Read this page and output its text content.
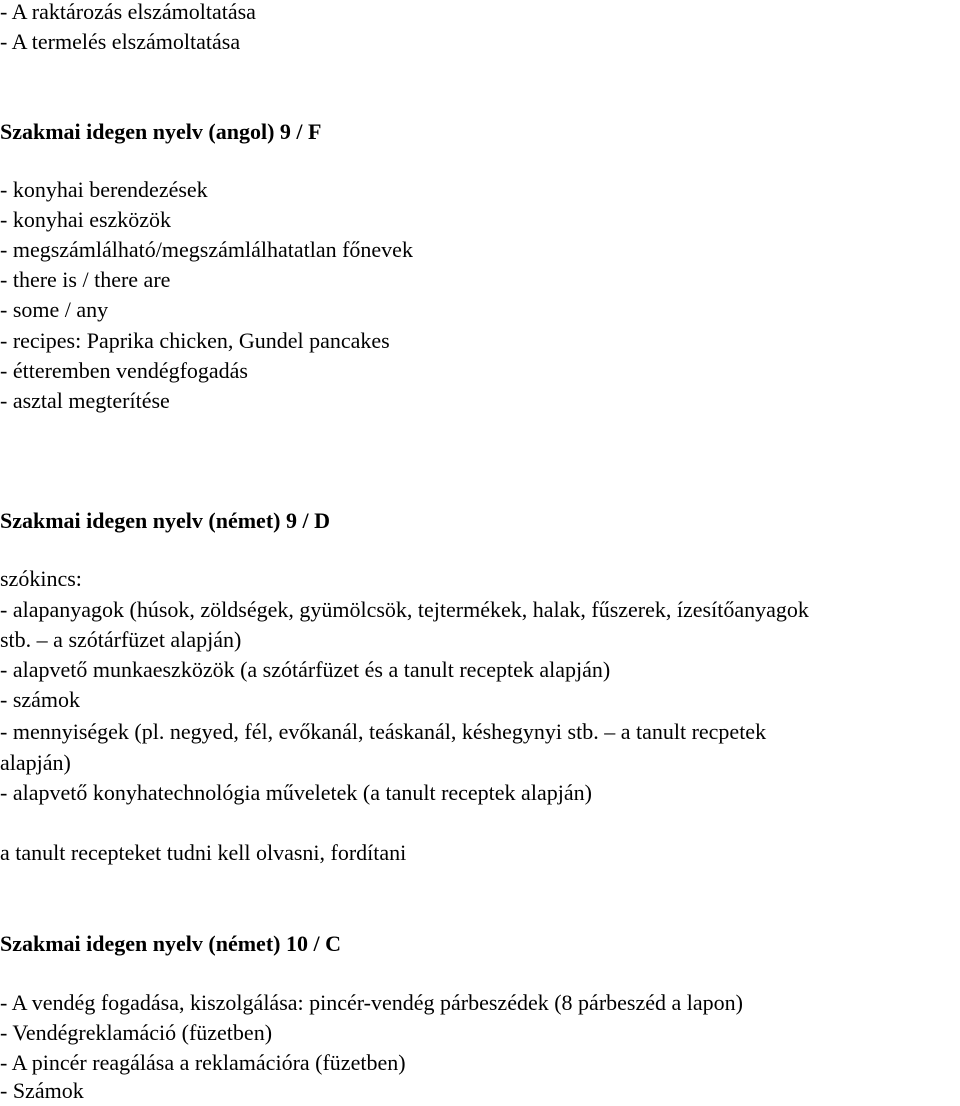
- A raktározás elszámoltatása
- A termelés elszámoltatása
Szakmai idegen nyelv (angol) 9 / F
- konyhai berendezések
- konyhai eszközök
- megszámlálható/megszámlálhatatlan főnevek
- there is / there are
- some / any
- recipes: Paprika chicken, Gundel pancakes
- étteremben vendégfogadás
- asztal megterítése
Szakmai idegen nyelv (német) 9 / D
szókincs:
- alapanyagok (húsok, zöldségek, gyümölcsök, tejtermékek, halak, fűszerek, ízesítőanyagok
stb. – a szótárfüzet alapján)
- alapvető munkaeszközök (a szótárfüzet és a tanult receptek alapján)
- számok
- mennyiségek (pl. negyed, fél, evőkanál, teáskanál, késhegynyi stb. – a tanult recpetek
alapján)
- alapvető konyhatechnológia műveletek (a tanult receptek alapján)
a tanult recepteket tudni kell olvasni, fordítani
Szakmai idegen nyelv (német) 10 / C
- A vendég fogadása, kiszolgálása: pincér-vendég párbeszédek (8 párbeszéd a lapon)
- Vendégreklamáció (füzetben)
- A pincér reagálása a reklamációra (füzetben)
- Számok
